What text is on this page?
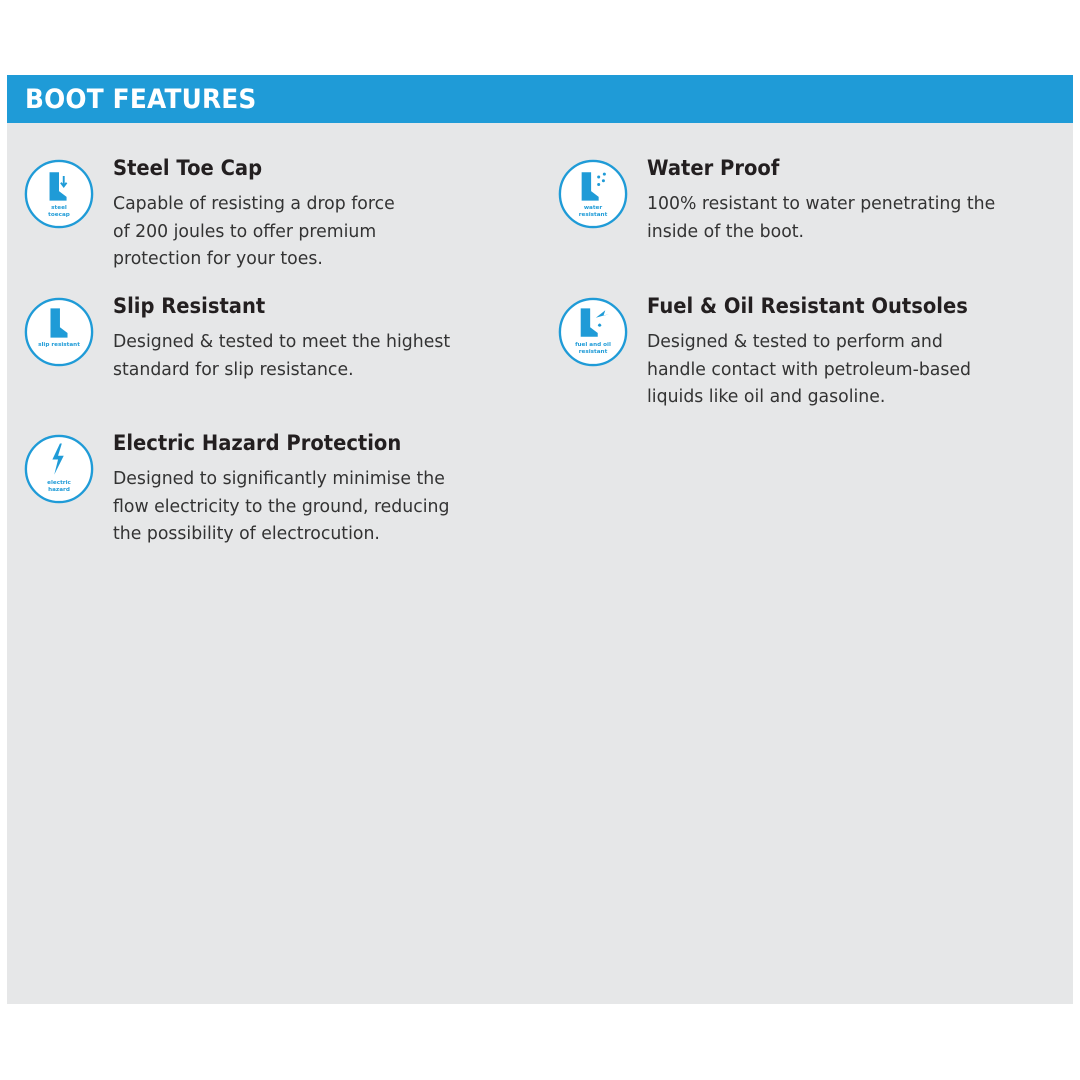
BOOT FEATURES
steel
toecap
Steel Toe Cap
Capable of resisting a drop force
of 200 joules to offer premium
protection for your toes.
water
resistant
Water Proof
100% resistant to water penetrating the
inside of the boot.
slip resistant
Slip Resistant
Designed & tested to meet the highest
standard for slip resistance.
fuel and oil
resistant
Fuel & Oil Resistant Outsoles
Designed & tested to perform and
handle contact with petroleum-based
liquids like oil and gasoline.
electric
hazard
Electric Hazard Protection
Designed to significantly minimise the
flow electricity to the ground, reducing
the possibility of electrocution.
